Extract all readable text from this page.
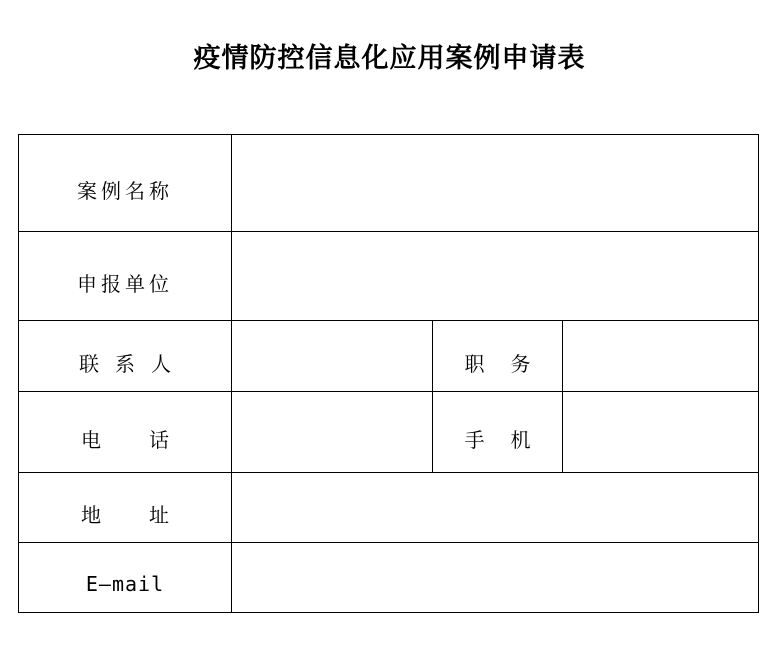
疫情防控信息化应用案例申请表
案例名称			
申报单位			
联 系 人		职 务	
电 话		手 机	
地 址			
E—mail			
